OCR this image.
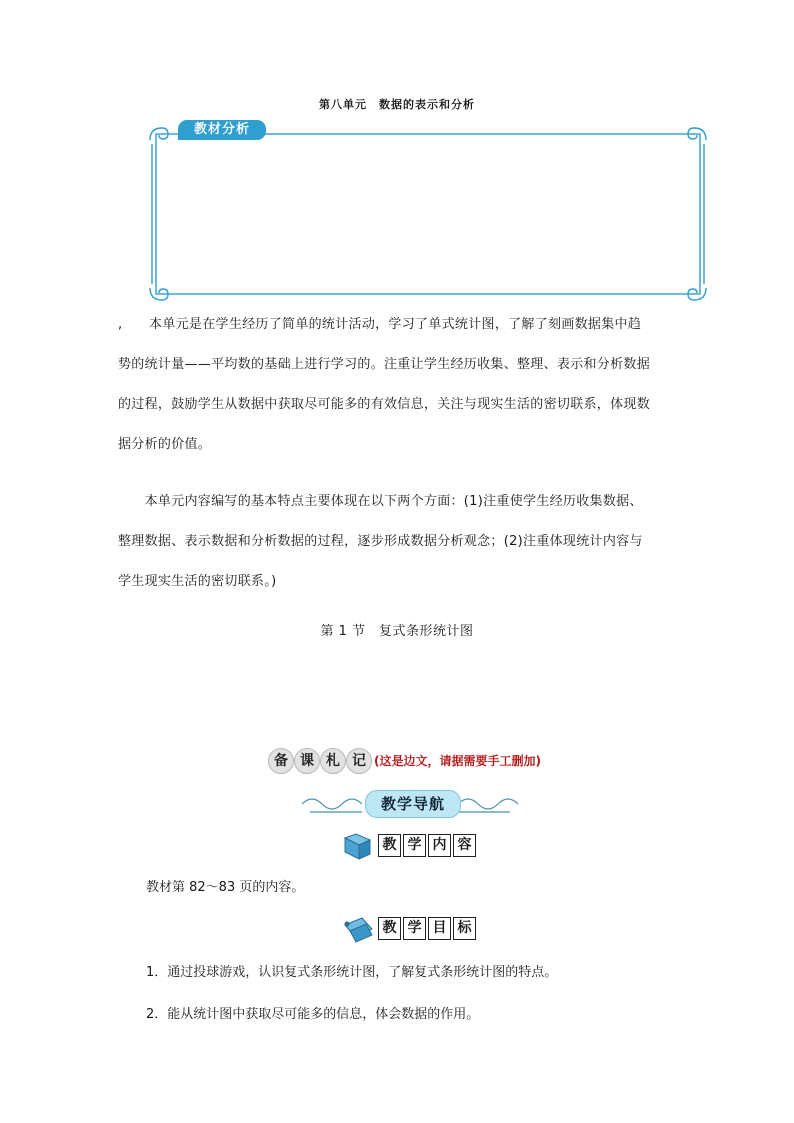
第八单元　数据的表示和分析
教材分析
,　　本单元是在学生经历了简单的统计活动，学习了单式统计图，了解了刻画数据集中趋
势的统计量——平均数的基础上进行学习的。注重让学生经历收集、整理、表示和分析数据
的过程，鼓励学生从数据中获取尽可能多的有效信息，关注与现实生活的密切联系，体现数
据分析的价值。
　　本单元内容编写的基本特点主要体现在以下两个方面：(1)注重使学生经历收集数据、
整理数据、表示数据和分析数据的过程，逐步形成数据分析观念；(2)注重体现统计内容与
学生现实生活的密切联系。)
第 1 节　复式条形统计图
备 课 札 记 (这是边文，请据需要手工删加)
教学导航
教 学 内 容
教材第 82～83 页的内容。
教 学 目 标
1．通过投球游戏，认识复式条形统计图，了解复式条形统计图的特点。
2．能从统计图中获取尽可能多的信息，体会数据的作用。
